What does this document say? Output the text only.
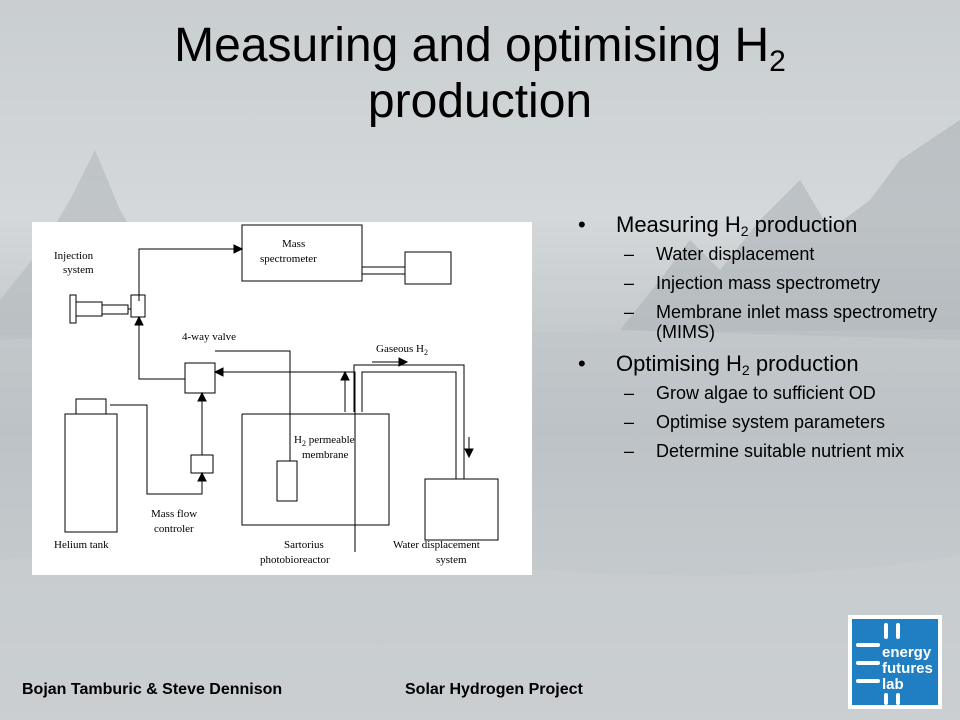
Measuring and optimising $H_2$
production
Injection
system
Mass
spectrometer
4-way valve
Gaseous $H_2$
$H_2$ permeable
membrane
Helium tank
Mass flow
controler
Sartorius
photobioreactor
Water displacement
system
• Measuring $H_2$ production
– Water displacement
– Injection mass spectrometry
– Membrane inlet mass spectrometry (MIMS)
• Optimising $H_2$ production
– Grow algae to sufficient OD
– Optimise system parameters
– Determine suitable nutrient mix
Bojan Tamburic & Steve Dennison	Solar Hydrogen Project
energy
futures
lab
